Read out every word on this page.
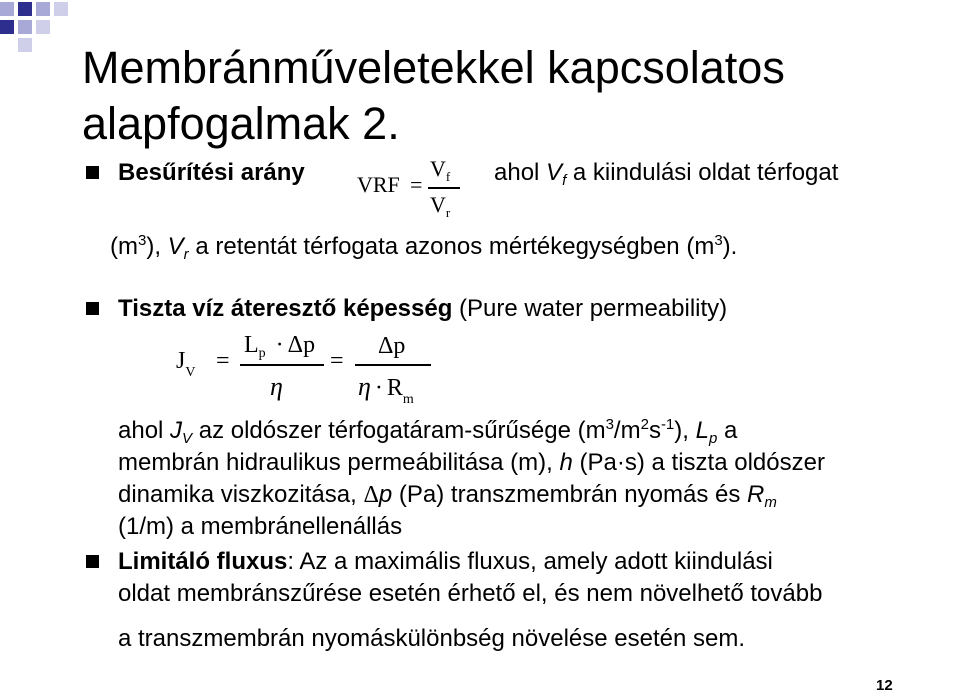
Membránműveletekkel kapcsolatos
alapfogalmak 2.
Besűrítési arány VRF =
$V_f$
$V_r$
ahol $V_f$ a kiindulási oldat térfogat
$(m^3)$, $V_r$ a retentát térfogata azonos mértékegységben $(m^3)$.
Tiszta víz áteresztő képesség (Pure water permeability)
$J_V$ =
$L_p \cdot \Delta p$
η
=
Δp
$\eta \cdot R_m$
ahol $J_V$ az oldószer térfogatáram-sűrűsége $(m^3/m^2s^{-1})$, $L_p$ a
membrán hidraulikus permeábilitása (m), h (Pa·s) a tiszta oldószer
dinamika viszkozitása, Δp (Pa) transzmembrán nyomás és $R_m$
(1/m) a membránellenállás
Limitáló fluxus: Az a maximális fluxus, amely adott kiindulási
oldat membránszűrése esetén érhető el, és nem növelhető tovább
a transzmembrán nyomáskülönbség növelése esetén sem.
12
